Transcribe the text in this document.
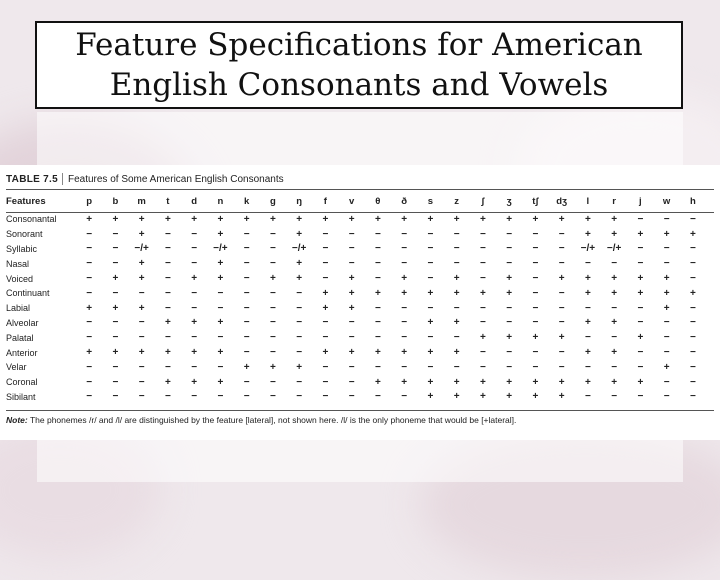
Feature Specifications for American English Consonants and Vowels
TABLE 7.5 Features of Some American English Consonants
Features	p	b	m	t	d	n	k	g	ŋ	f	v	θ	ð	s	z	ʃ	ʒ	tʃ	dʒ	l	r	j	w	h
Consonantal	+	+	+	+	+	+	+	+	+	+	+	+	+	+	+	+	+	+	+	+	+	−	−	−
Sonorant	−	−	+	−	−	+	−	−	+	−	−	−	−	−	−	−	−	−	−	+	+	+	+	+
Syllabic	−	−	−/+	−	−	−/+	−	−	−/+	−	−	−	−	−	−	−	−	−	−	−/+	−/+	−	−	−
Nasal	−	−	+	−	−	+	−	−	+	−	−	−	−	−	−	−	−	−	−	−	−	−	−	−
Voiced	−	+	+	−	+	+	−	+	+	−	+	−	+	−	+	−	+	−	+	+	+	+	+	−
Continuant	−	−	−	−	−	−	−	−	−	+	+	+	+	+	+	+	+	−	−	+	+	+	+	+
Labial	+	+	+	−	−	−	−	−	−	+	+	−	−	−	−	−	−	−	−	−	−	−	+	−
Alveolar	−	−	−	+	+	+	−	−	−	−	−	−	−	+	+	−	−	−	−	+	+	−	−	−
Palatal	−	−	−	−	−	−	−	−	−	−	−	−	−	−	−	+	+	+	+	−	−	+	−	−
Anterior	+	+	+	+	+	+	−	−	−	+	+	+	+	+	+	−	−	−	−	+	+	−	−	−
Velar	−	−	−	−	−	−	+	+	+	−	−	−	−	−	−	−	−	−	−	−	−	−	+	−
Coronal	−	−	−	+	+	+	−	−	−	−	−	+	+	+	+	+	+	+	+	+	+	+	−	−
Sibilant	−	−	−	−	−	−	−	−	−	−	−	−	−	+	+	+	+	+	+	−	−	−	−	−
Note: The phonemes /r/ and /l/ are distinguished by the feature [lateral], not shown here. /l/ is the only phoneme that would be [+lateral].
